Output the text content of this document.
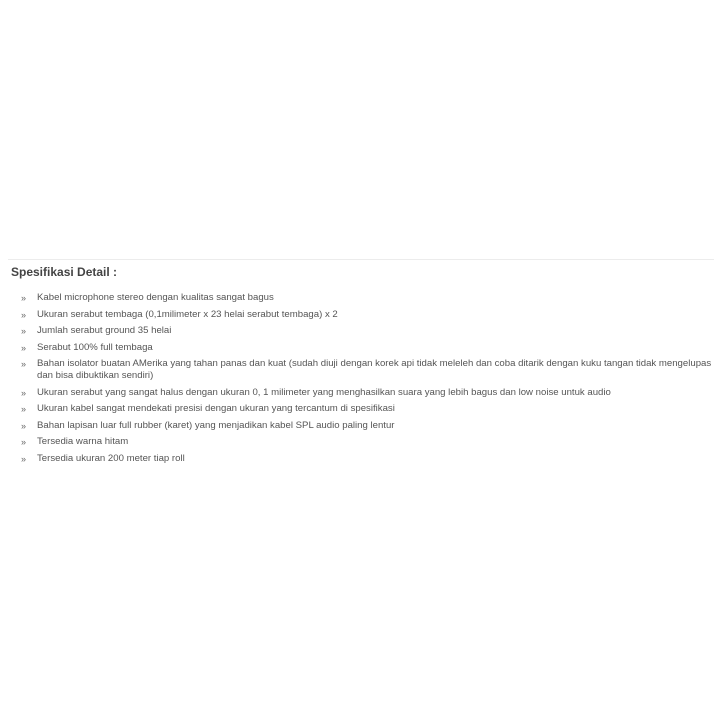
Spesifikasi Detail :
» Kabel microphone stereo dengan kualitas sangat bagus
» Ukuran serabut tembaga (0,1milimeter x 23 helai serabut tembaga) x 2
» Jumlah serabut ground 35 helai
» Serabut 100% full tembaga
» Bahan isolator buatan AMerika yang tahan panas dan kuat (sudah diuji dengan korek api tidak meleleh dan coba ditarik dengan kuku tangan tidak mengelupas dan bisa dibuktikan sendiri)
» Ukuran serabut yang sangat halus dengan ukuran 0, 1 milimeter yang menghasilkan suara yang lebih bagus dan low noise untuk audio
» Ukuran kabel sangat mendekati presisi dengan ukuran yang tercantum di spesifikasi
» Bahan lapisan luar full rubber (karet) yang menjadikan kabel SPL audio paling lentur
» Tersedia warna hitam
» Tersedia ukuran 200 meter tiap roll
